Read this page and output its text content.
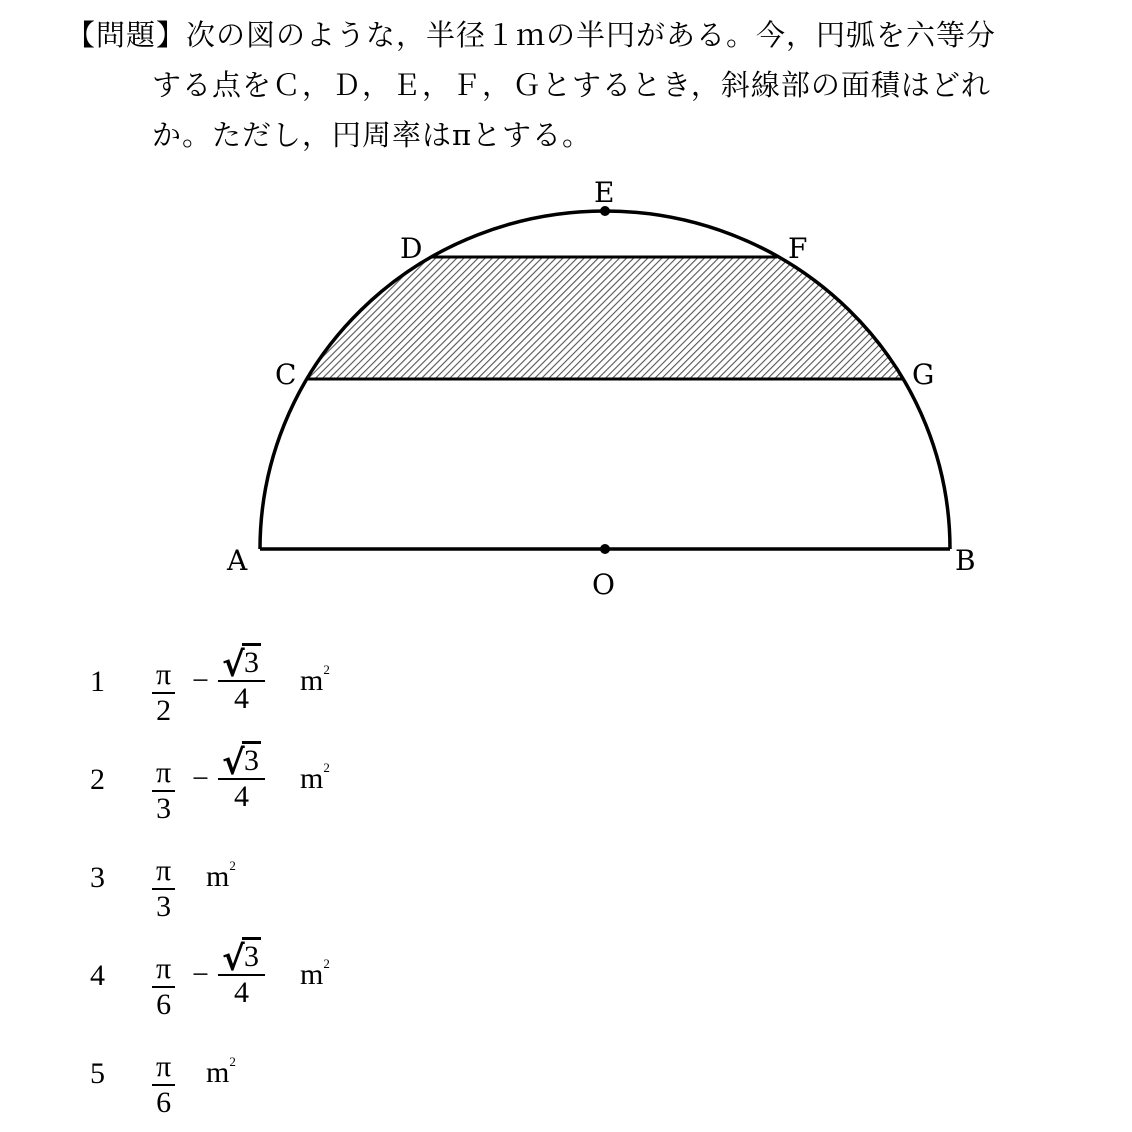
【問題】次の図のような，半径１ｍの半円がある。今，円弧を六等分
する点をＣ，Ｄ，Ｅ，Ｆ，Ｇとするとき，斜線部の面積はどれ
か。ただし，円周率はπとする。
E
D	F
C	G
A	B
O
$1 \frac{\pi}{2} - \frac{√ 3}{4} m^2$
$2 \frac{\pi}{3} - \frac{√ 3}{4} m^2$
$3 \frac{\pi}{3} m^2$
$4 \frac{\pi}{6} - \frac{√ 3}{4} m^2$
$5 \frac{\pi}{6} m^2$
